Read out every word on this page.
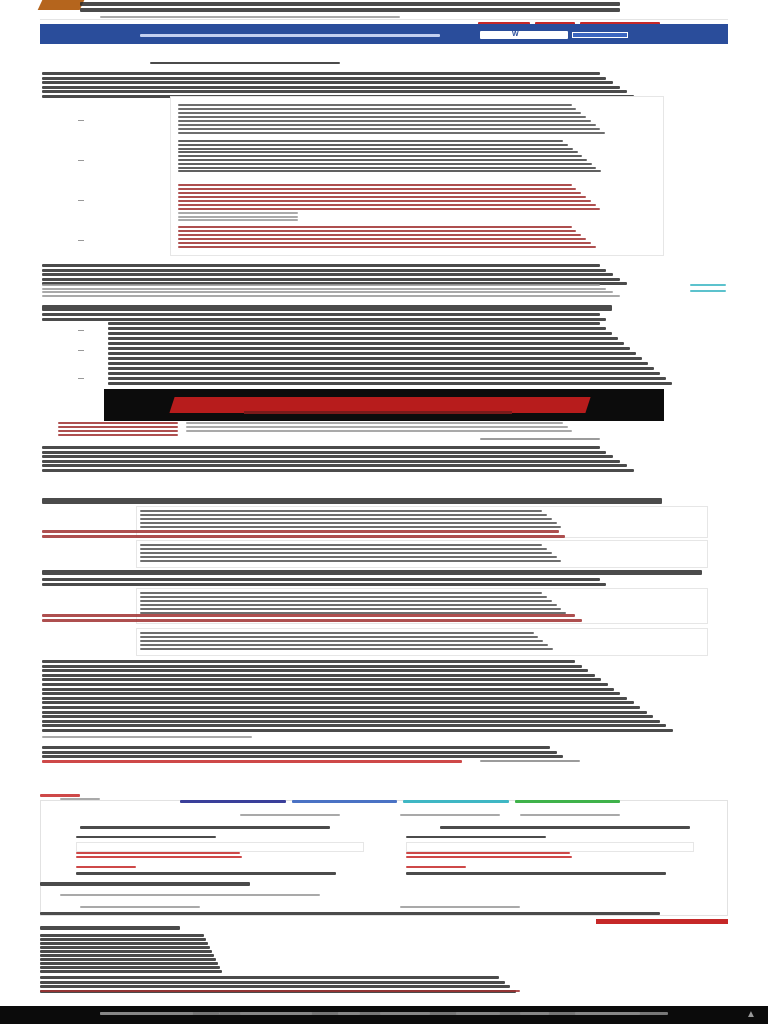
W
▲
